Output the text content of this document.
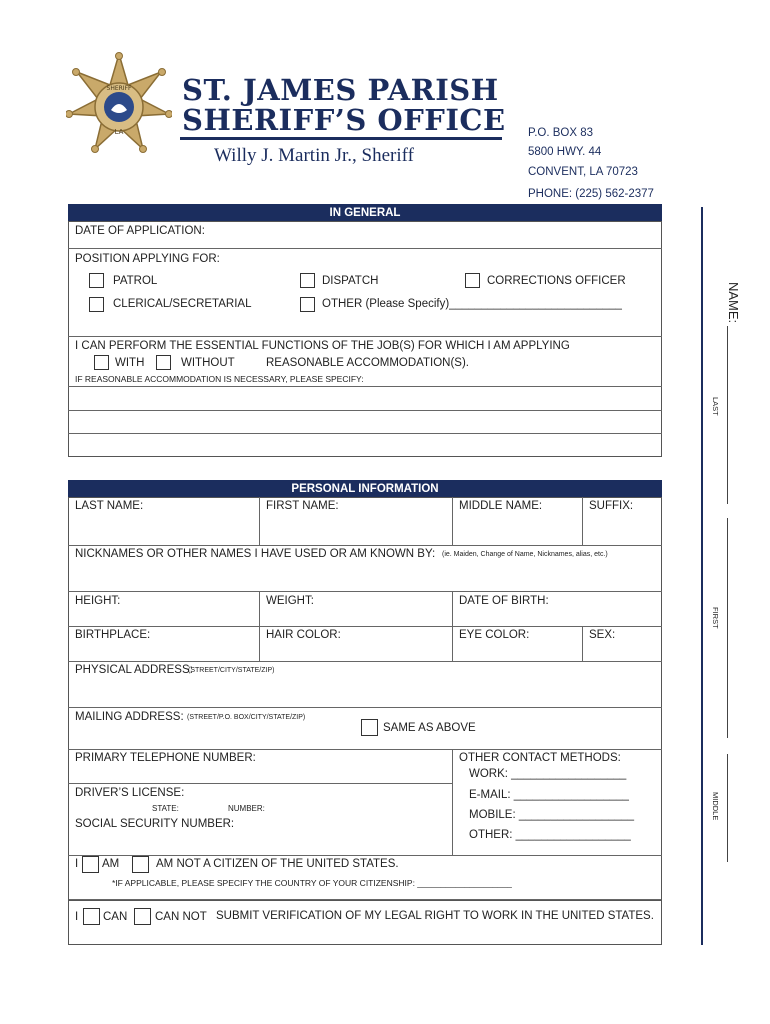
SHERIFF
LA
ST. JAMES PARISH
SHERIFF’S OFFICE
Willy J. Martin Jr., Sheriff
P.O. BOX 83
5800 HWY. 44
CONVENT, LA 70723
PHONE: (225) 562-2377
IN GENERAL
DATE OF APPLICATION:
POSITION APPLYING FOR:
PATROL	DISPATCH	CORRECTIONS OFFICER
CLERICAL/SECRETARIAL	OTHER (Please Specify)___________________________
I CAN PERFORM THE ESSENTIAL FUNCTIONS OF THE JOB(S) FOR WHICH I AM APPLYING
WITH	WITHOUT	REASONABLE ACCOMMODATION(S).
IF REASONABLE ACCOMMODATION IS NECESSARY, PLEASE SPECIFY:
PERSONAL INFORMATION
LAST NAME:	FIRST NAME:	MIDDLE NAME:	SUFFIX:
NICKNAMES OR OTHER NAMES I HAVE USED OR AM KNOWN BY: (ie. Maiden, Change of Name, Nicknames, alias, etc.)
HEIGHT:	WEIGHT:	DATE OF BIRTH:
BIRTHPLACE:	HAIR COLOR:	EYE COLOR:	SEX:
PHYSICAL ADDRESS:
(STREET/CITY/STATE/ZIP)
MAILING ADDRESS: (STREET/P.O. BOX/CITY/STATE/ZIP)
SAME AS ABOVE
PRIMARY TELEPHONE NUMBER:	OTHER CONTACT METHODS:
WORK: __________________
E-MAIL: __________________
MOBILE: __________________
OTHER: __________________
DRIVER’S LICENSE:
STATE:	NUMBER:
SOCIAL SECURITY NUMBER:
I AM	AM NOT A CITIZEN OF THE UNITED STATES.
*IF APPLICABLE, PLEASE SPECIFY THE COUNTRY OF YOUR CITIZENSHIP: ____________________
I CAN CAN NOT SUBMIT VERIFICATION OF MY LEGAL RIGHT TO WORK IN THE UNITED STATES.
NAME:
LAST
FIRST
MIDDLE
